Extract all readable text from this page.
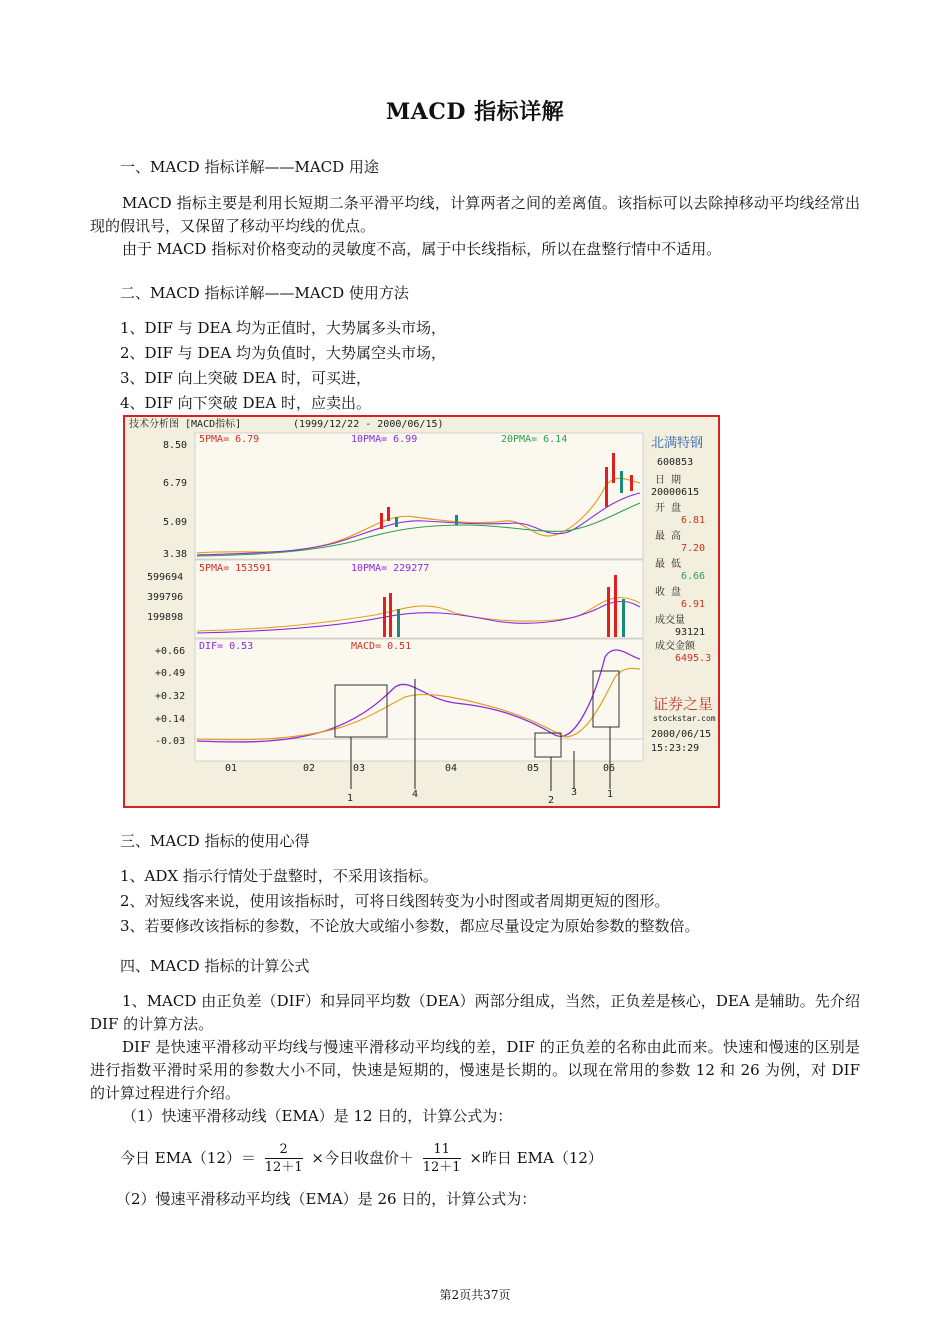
MACD 指标详解
一、MACD 指标详解——MACD 用途

MACD 指标主要是利用长短期二条平滑平均线，计算两者之间的差离值。该指标可以去除掉移动平均线经常出现的假讯号，又保留了移动平均线的优点。

由于 MACD 指标对价格变动的灵敏度不高，属于中长线指标，所以在盘整行情中不适用。

二、MACD 指标详解——MACD 使用方法
1、DIF 与 DEA 均为正值时，大势属多头市场，
2、DIF 与 DEA 均为负值时，大势属空头市场，
3、DIF 向上突破 DEA 时，可买进，
4、DIF 向下突破 DEA 时，应卖出。
技术分析图 [MACD指标]	(1999/12/22 - 2000/06/15)
5PMA= 6.79	10PMA= 6.99	20PMA= 6.14
8.50
6.79
5.09
3.38
5PMA= 153591	10PMA= 229277
599694
399796
199898
DIF= 0.53	MACD= 0.51
+0.66
+0.49
+0.32
+0.14
-0.03
01	02	03	04	05	06
1	4
2
3	1
北满特钢
600853
日 期
20000615
开 盘
6.81
最 高
7.20
最 低
6.66
收 盘
6.91
成交量
93121
成交金额
6495.3
证券之星
stockstar.com
2000/06/15
15:23:29
三、MACD 指标的使用心得
1、ADX 指示行情处于盘整时，不采用该指标。
2、对短线客来说，使用该指标时，可将日线图转变为小时图或者周期更短的图形。
3、若要修改该指标的参数，不论放大或缩小参数，都应尽量设定为原始参数的整数倍。
四、MACD 指标的计算公式

1、MACD 由正负差（DIF）和异同平均数（DEA）两部分组成，当然，正负差是核心，DEA 是辅助。先介绍 DIF 的计算方法。

DIF 是快速平滑移动平均线与慢速平滑移动平均线的差，DIF 的正负差的名称由此而来。快速和慢速的区别是进行指数平滑时采用的参数大小不同，快速是短期的，慢速是长期的。以现在常用的参数 12 和 26 为例，对 DIF 的计算过程进行介绍。

（1）快速平滑移动线（EMA）是 12 日的，计算公式为：

今日 $EMA(12)= \frac{2}{12+1}$ ×今日收盘价＋ $\frac{11}{12+1}$ ×昨日 EMA（12）

（2）慢速平滑移动平均线（EMA）是 26 日的，计算公式为：

第2页共37页
